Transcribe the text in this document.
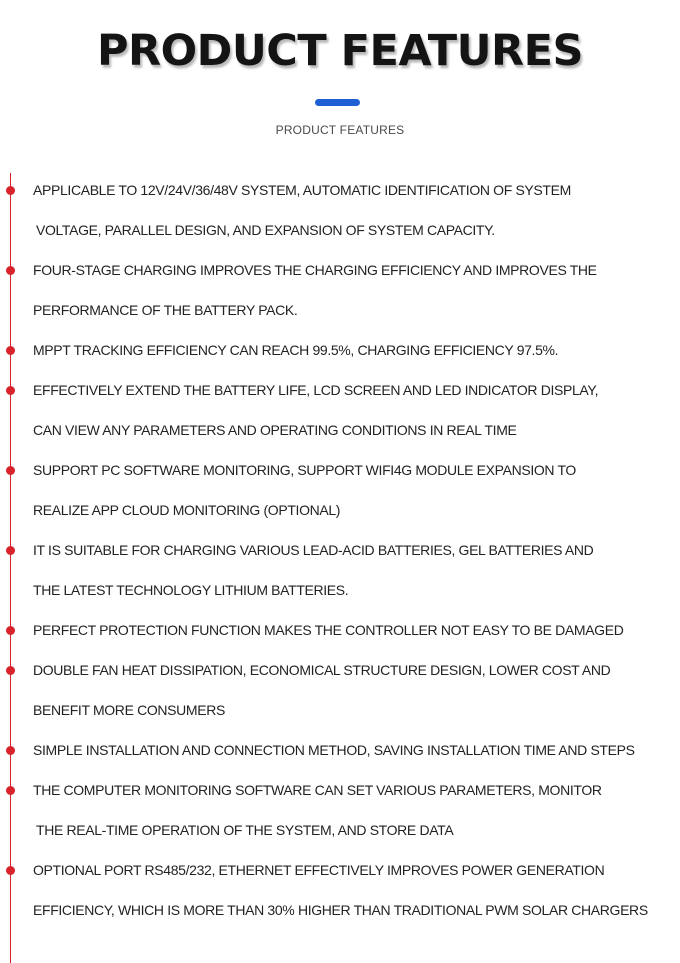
PRODUCT FEATURES
PRODUCT FEATURES
APPLICABLE TO 12V/24V/36/48V SYSTEM, AUTOMATIC IDENTIFICATION OF SYSTEM
VOLTAGE, PARALLEL DESIGN, AND EXPANSION OF SYSTEM CAPACITY.
FOUR-STAGE CHARGING IMPROVES THE CHARGING EFFICIENCY AND IMPROVES THE
PERFORMANCE OF THE BATTERY PACK.
MPPT TRACKING EFFICIENCY CAN REACH 99.5%, CHARGING EFFICIENCY 97.5%.
EFFECTIVELY EXTEND THE BATTERY LIFE, LCD SCREEN AND LED INDICATOR DISPLAY,
CAN VIEW ANY PARAMETERS AND OPERATING CONDITIONS IN REAL TIME
SUPPORT PC SOFTWARE MONITORING, SUPPORT WIFI4G MODULE EXPANSION TO
REALIZE APP CLOUD MONITORING (OPTIONAL)
IT IS SUITABLE FOR CHARGING VARIOUS LEAD-ACID BATTERIES, GEL BATTERIES AND
THE LATEST TECHNOLOGY LITHIUM BATTERIES.
PERFECT PROTECTION FUNCTION MAKES THE CONTROLLER NOT EASY TO BE DAMAGED
DOUBLE FAN HEAT DISSIPATION, ECONOMICAL STRUCTURE DESIGN, LOWER COST AND
BENEFIT MORE CONSUMERS
SIMPLE INSTALLATION AND CONNECTION METHOD, SAVING INSTALLATION TIME AND STEPS
THE COMPUTER MONITORING SOFTWARE CAN SET VARIOUS PARAMETERS, MONITOR
THE REAL-TIME OPERATION OF THE SYSTEM, AND STORE DATA
OPTIONAL PORT RS485/232, ETHERNET EFFECTIVELY IMPROVES POWER GENERATION
EFFICIENCY, WHICH IS MORE THAN 30% HIGHER THAN TRADITIONAL PWM SOLAR CHARGERS
